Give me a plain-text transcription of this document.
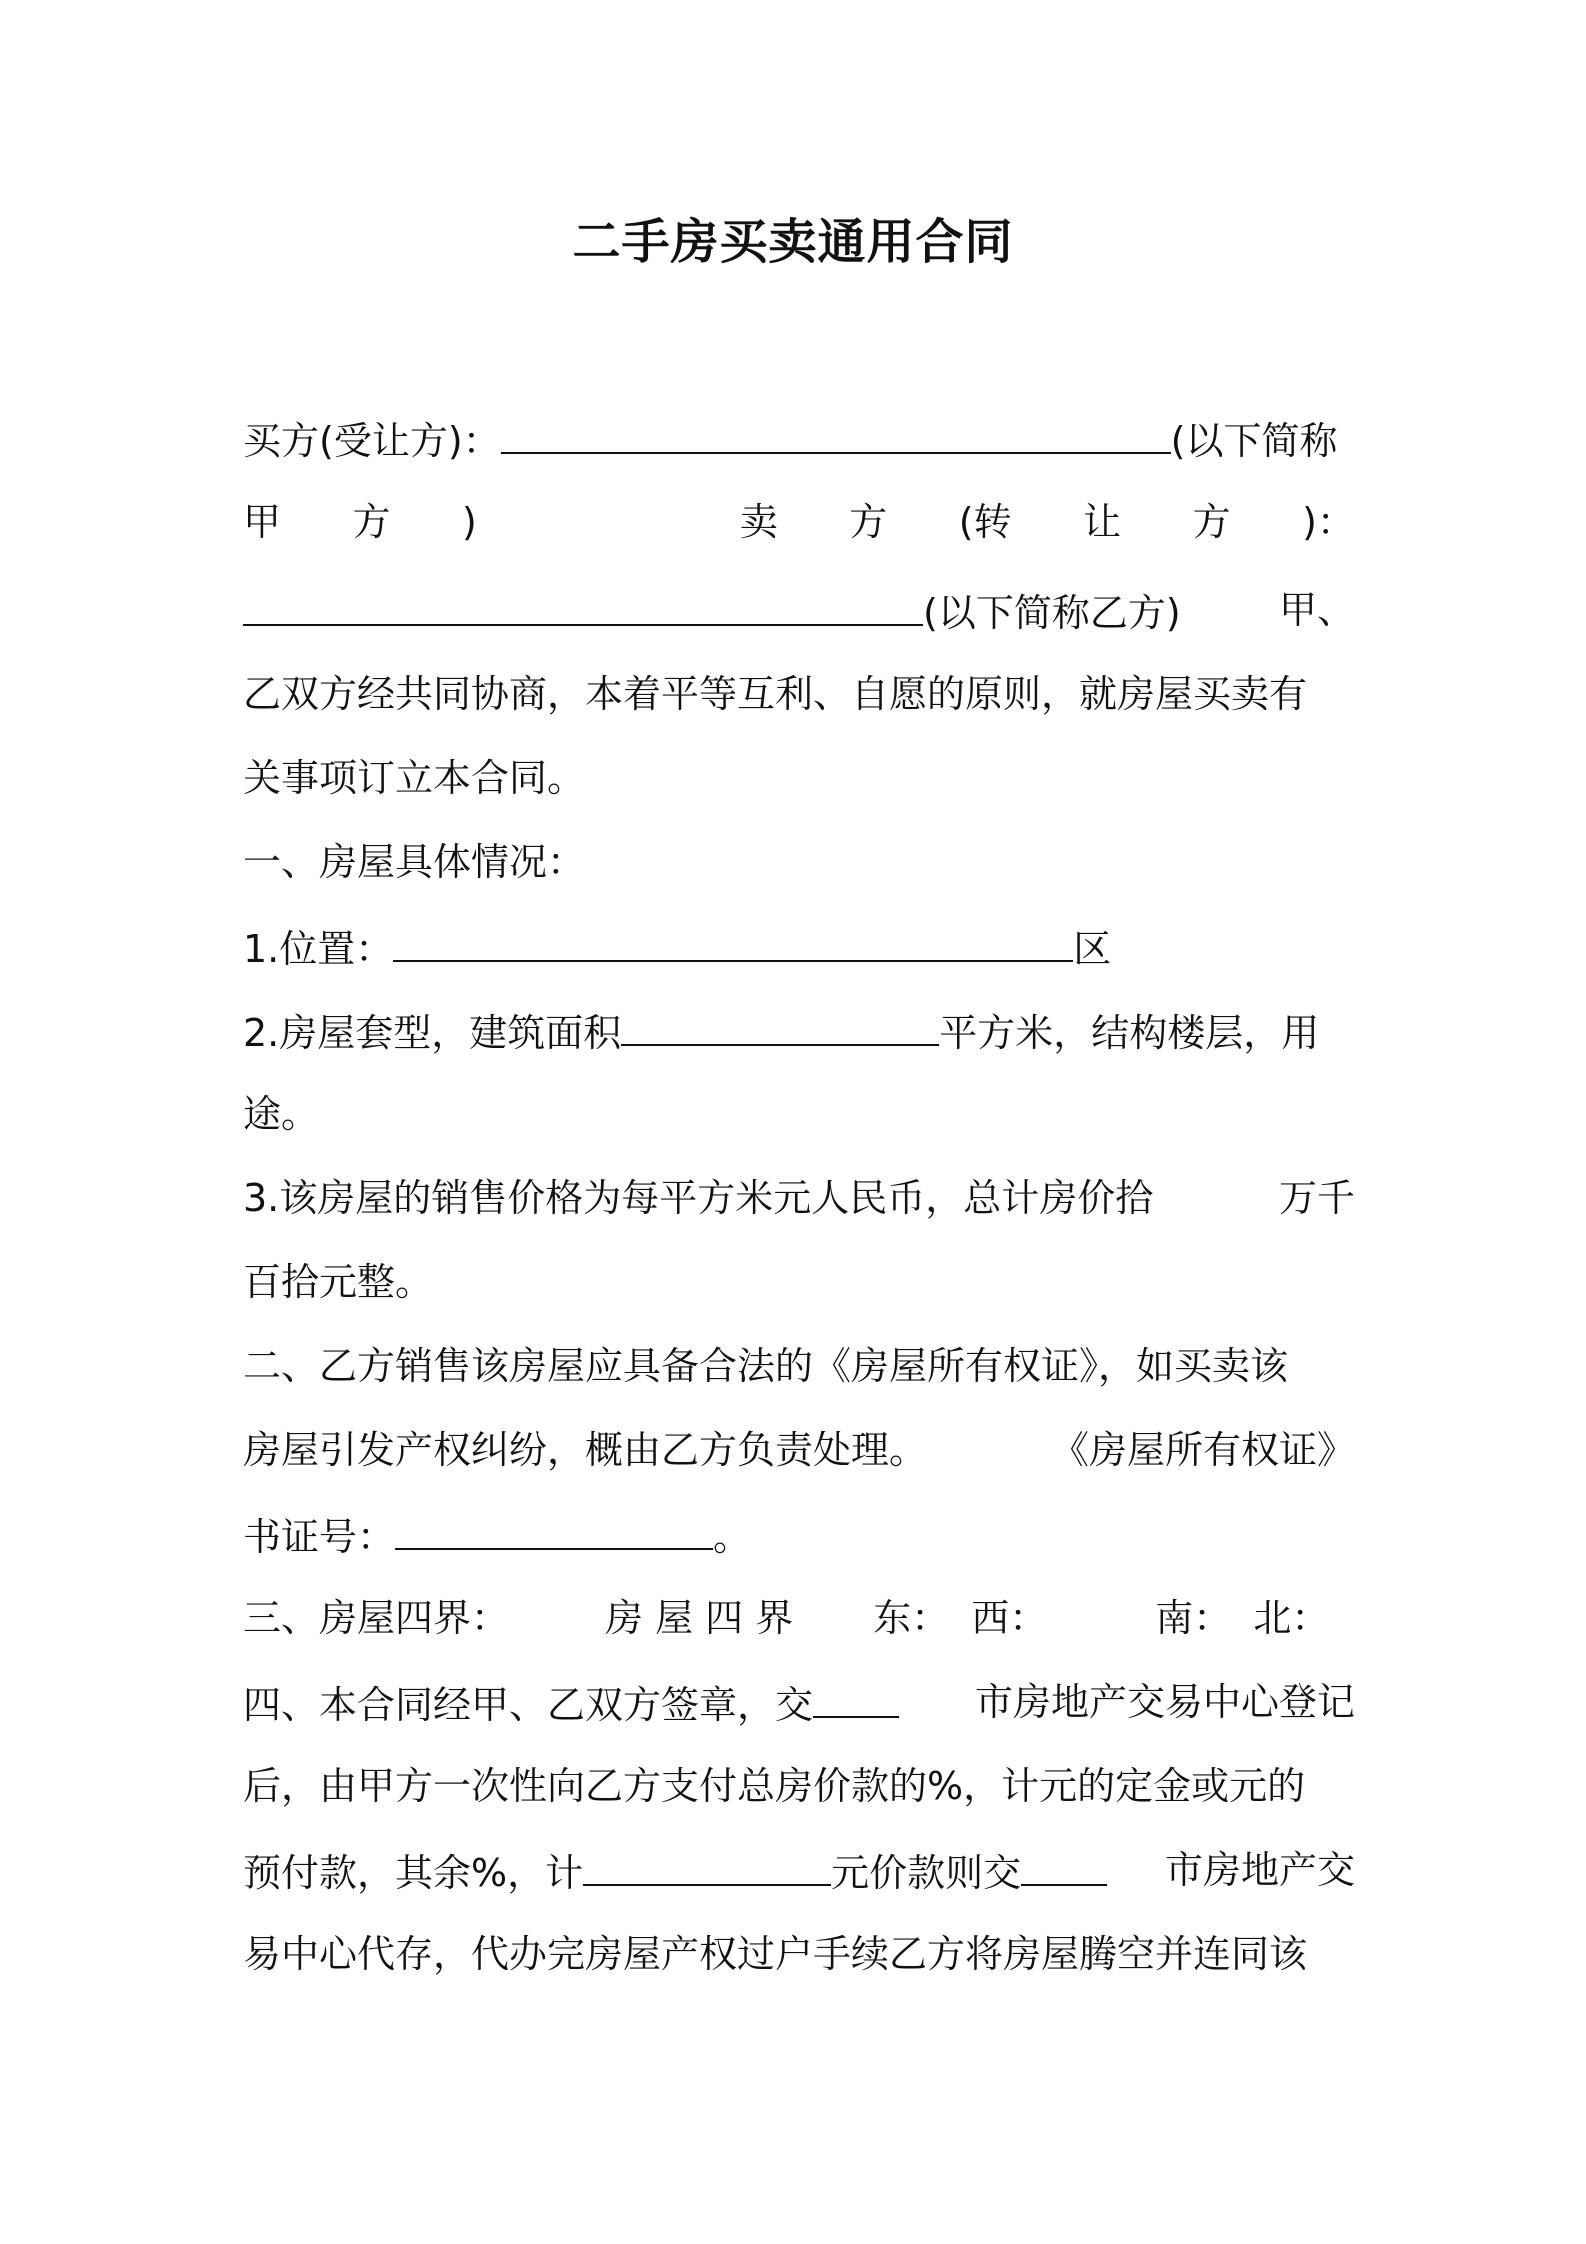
二手房买卖通用合同
买方(受让方)：	(以下简称
甲 方 )	卖 方 (转 让 方 )：
(以下简称乙方)	甲、
乙双方经共同协商，本着平等互利、自愿的原则，就房屋买卖有
关事项订立本合同。
一、房屋具体情况：
1.位置：	区
2.房屋套型，建筑面积	平方米，结构楼层，用
途。
3.该房屋的销售价格为每平方米元人民币，总计房价拾	万千
百拾元整。
二、乙方销售该房屋应具备合法的《房屋所有权证》，如买卖该
房屋引发产权纠纷，概由乙方负责处理。	《房屋所有权证》
书证号：	。
三、房屋四界：	房 屋 四 界 东： 西：	南： 北：
四、本合同经甲、乙双方签章，交	市房地产交易中心登记
后，由甲方一次性向乙方支付总房价款的%，计元的定金或元的
预付款，其余%，计	元价款则交	市房地产交
易中心代存，代办完房屋产权过户手续乙方将房屋腾空并连同该
